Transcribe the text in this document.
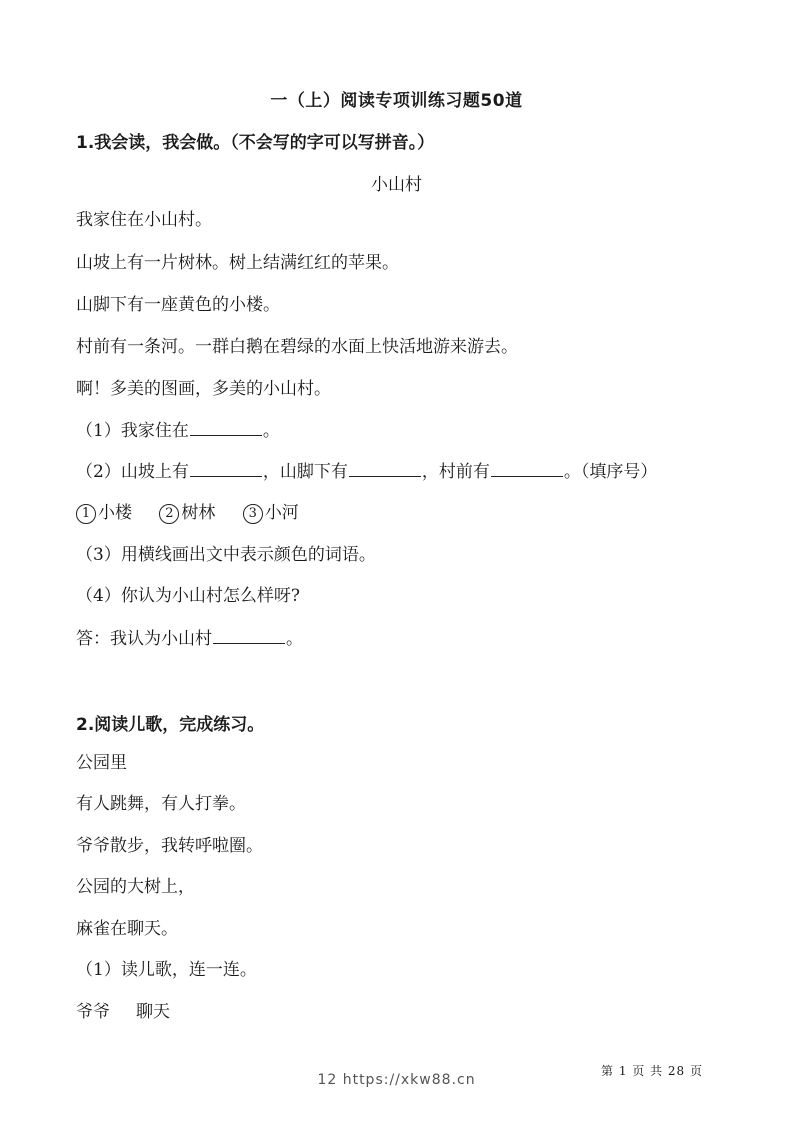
一（上）阅读专项训练习题50道
1.我会读，我会做。（不会写的字可以写拼音。）
小山村
我家住在小山村。
山坡上有一片树林。树上结满红红的苹果。
山脚下有一座黄色的小楼。
村前有一条河。一群白鹅在碧绿的水面上快活地游来游去。
啊！多美的图画，多美的小山村。
（1）我家住在	。
（2）山坡上有	，山脚下有	，村前有	。（填序号）
1 小楼	2 树林	3 小河
（3）用横线画出文中表示颜色的词语。
（4）你认为小山村怎么样呀?
答：我认为小山村	。
2.阅读儿歌，完成练习。
公园里
有人跳舞，有人打拳。
爷爷散步，我转呼啦圈。
公园的大树上，
麻雀在聊天。
（1）读儿歌，连一连。
爷爷 聊天
第 1 页 共 28 页
12 https://xkw88.cn
